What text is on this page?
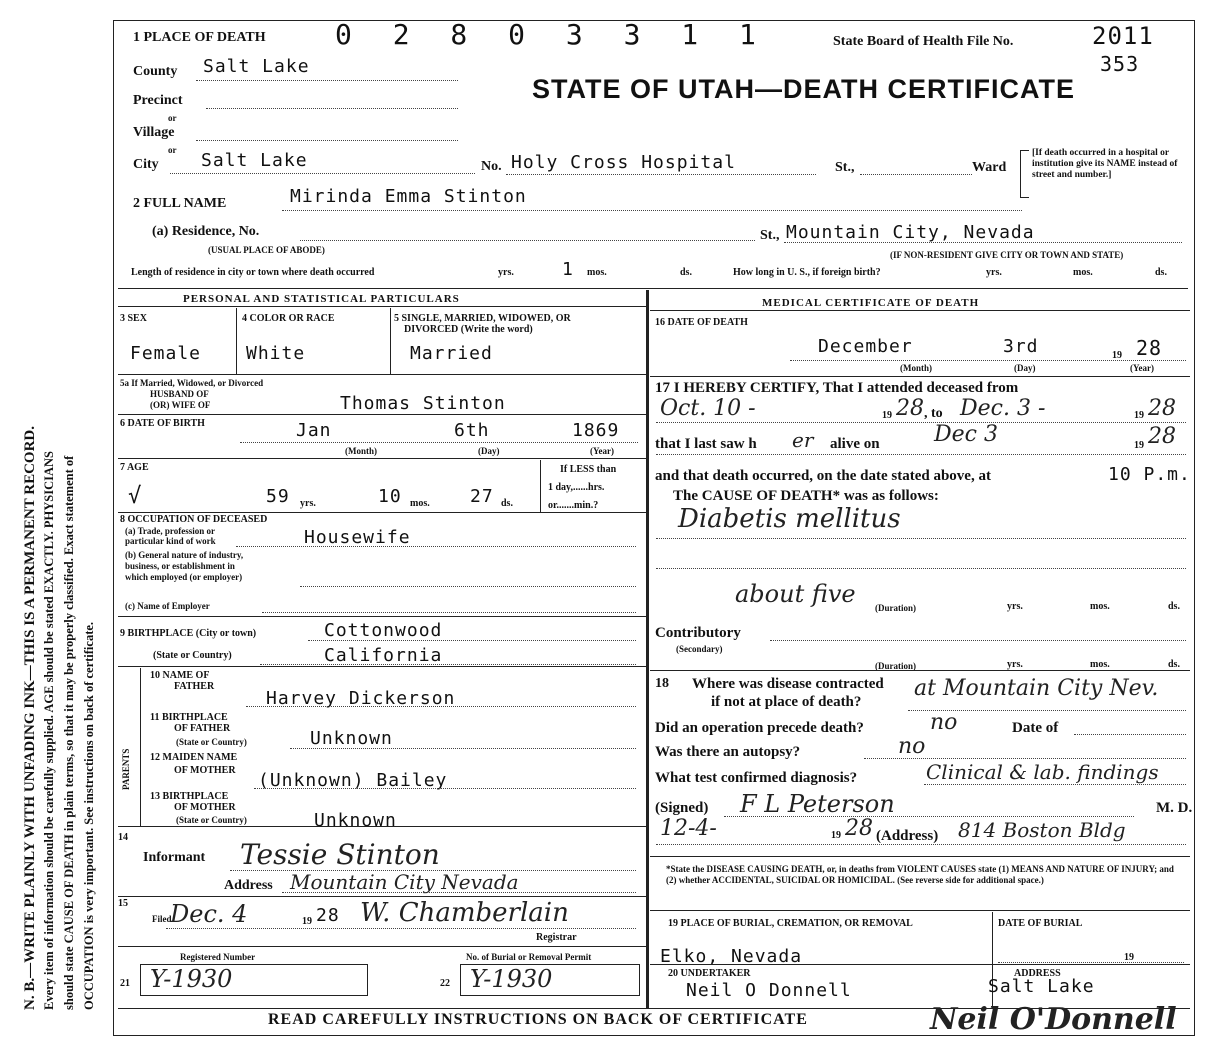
N. B.—WRITE PLAINLY WITH UNFADING INK—THIS IS A PERMANENT RECORD. Every item of information should be carefully supplied. AGE should be stated EXACTLY. PHYSICIANS should state CAUSE OF DEATH in plain terms, so that it may be properly classified. Exact statement of OCCUPATION is very important. See instructions on back of certificate.
1 PLACE OF DEATH 0 2 8 0 3 3 1 1	State Board of Health File No.	2011
353
STATE OF UTAH—DEATH CERTIFICATE
County Salt Lake
Precinct
or
Village
or
City Salt Lake	No. Holy Cross Hospital	St.,	Ward
[If death occurred in a hospital or institution give its NAME instead of street and number.]
2 FULL NAME	Mirinda Emma Stinton
(a) Residence, No.
(USUAL PLACE OF ABODE)
St., Mountain City, Nevada
(IF NON-RESIDENT GIVE CITY OR TOWN AND STATE)
Length of residence in city or town where death occurred	yrs.	1 mos.	ds.	How long in U. S., if foreign birth?	yrs.	mos.	ds.
PERSONAL AND STATISTICAL PARTICULARS
3 SEX
Female
4 COLOR OR RACE
White
5 SINGLE, MARRIED, WIDOWED, OR
DIVORCED (Write the word)
Married
5a If Married, Widowed, or Divorced
HUSBAND OF
(OR) WIFE OF	Thomas Stinton
6 DATE OF BIRTH	Jan	6th	1869
(Month)	(Day)	(Year)
7 AGE
√	59 yrs.	10 mos. 27 ds.
If LESS than
1 day,......hrs.
or.......min.?
8 OCCUPATION OF DECEASED
(a) Trade, profession or
particular kind of work	Housewife
(b) General nature of industry,
business, or establishment in
which employed (or employer)
(c) Name of Employer
9 BIRTHPLACE (City or town)	Cottonwood
(State or Country)	California
PARENTS
10 NAME OF
FATHER
Harvey Dickerson
11 BIRTHPLACE
OF FATHER
(State or Country)	Unknown
12 MAIDEN NAME
OF MOTHER (Unknown) Bailey
13 BIRTHPLACE
OF MOTHER
(State or Country)	Unknown
14
Informant Tessie Stinton
Address Mountain City Nevada
15
Filed
Dec. 4	19 28 W. Chamberlain
Registrar
Registered Number	No. of Burial or Removal Permit
21 Y-1930	22 Y-1930
MEDICAL CERTIFICATE OF DEATH
16 DATE OF DEATH
December	3rd	19 28
(Month)	(Day)	(Year)
17 I HEREBY CERTIFY, That I attended deceased from
Oct. 10 -	19 28 , to Dec. 3 -	19 28
that I last saw h er alive on Dec 3	19 28
and that death occurred, on the date stated above, at	10 P.m.
The CAUSE OF DEATH* was as follows:
Diabetis mellitus
about five (Duration)	yrs.	mos.	ds.
Contributory
(Secondary)
(Duration)	yrs.	mos.	ds.
18 Where was disease contracted
if not at place of death?
at Mountain City Nev.
Did an operation precede death?	no	Date of
Was there an autopsy?	no
What test confirmed diagnosis?	Clinical & lab. findings
(Signed) F L Peterson	M. D.
12-4-	19 28 (Address) 814 Boston Bldg
*State the DISEASE CAUSING DEATH, or, in deaths from VIOLENT CAUSES state (1) MEANS AND NATURE OF INJURY; and (2) whether ACCIDENTAL, SUICIDAL OR HOMICIDAL. (See reverse side for additional space.)
19 PLACE OF BURIAL, CREMATION, OR REMOVAL
Elko, Nevada
DATE OF BURIAL
19
20 UNDERTAKER
Neil O Donnell
ADDRESS
Salt Lake
READ CAREFULLY INSTRUCTIONS ON BACK OF CERTIFICATE	Neil O'Donnell
